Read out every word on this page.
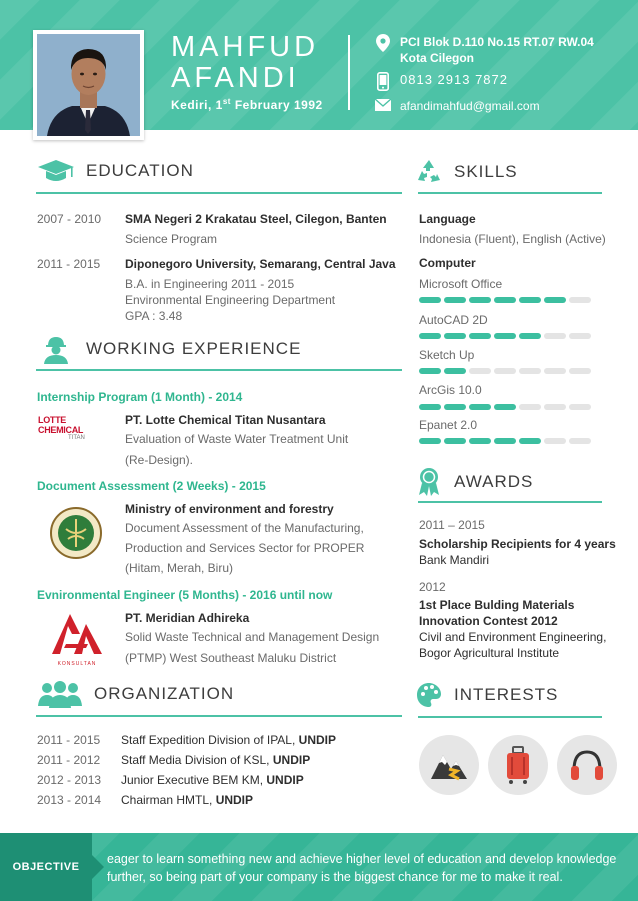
MAHFUD
AFANDI
Kediri, 1st February 1992
PCI Blok D.110 No.15 RT.07 RW.04
Kota Cilegon
0813 2913 7872
afandimahfud@gmail.com
EDUCATION
2007 - 2010 SMA Negeri 2 Krakatau Steel, Cilegon, Banten
Science Program
2011 - 2015 Diponegoro University, Semarang, Central Java
B.A. in Engineering 2011 - 2015
Environmental Engineering Department
GPA : 3.48
WORKING EXPERIENCE
Internship Program (1 Month) - 2014
LOTTE CHEMICAL
TITAN
PT. Lotte Chemical Titan Nusantara
Evaluation of Waste Water Treatment Unit
(Re-Design).
Document Assessment (2 Weeks) - 2015
Ministry of environment and forestry
Document Assessment of the Manufacturing,
Production and Services Sector for PROPER
(Hitam, Merah, Biru)
Evnironmental Engineer (5 Months) - 2016 until now
KONSULTAN
PT. Meridian Adhireka
Solid Waste Technical and Management Design
(PTMP) West Southeast Maluku District
ORGANIZATION
2011 - 2015 Staff Expedition Division of IPAL, UNDIP
2011 - 2012 Staff Media Division of KSL, UNDIP
2012 - 2013 Junior Executive BEM KM, UNDIP
2013 - 2014 Chairman HMTL, UNDIP
SKILLS
Language
Indonesia (Fluent), English (Active)
Computer
Microsoft Office
AutoCAD 2D
Sketch Up
ArcGis 10.0
Epanet 2.0
AWARDS
2011 – 2015
Scholarship Recipients for 4 years
Bank Mandiri
2012
1st Place Bulding Materials
Innovation Contest 2012
Civil and Environment Engineering,
Bogor Agricultural Institute
INTERESTS
OBJECTIVE
eager to learn something new and achieve higher level of education and develop knowledge
further, so being part of your company is the biggest chance for me to make it real.
